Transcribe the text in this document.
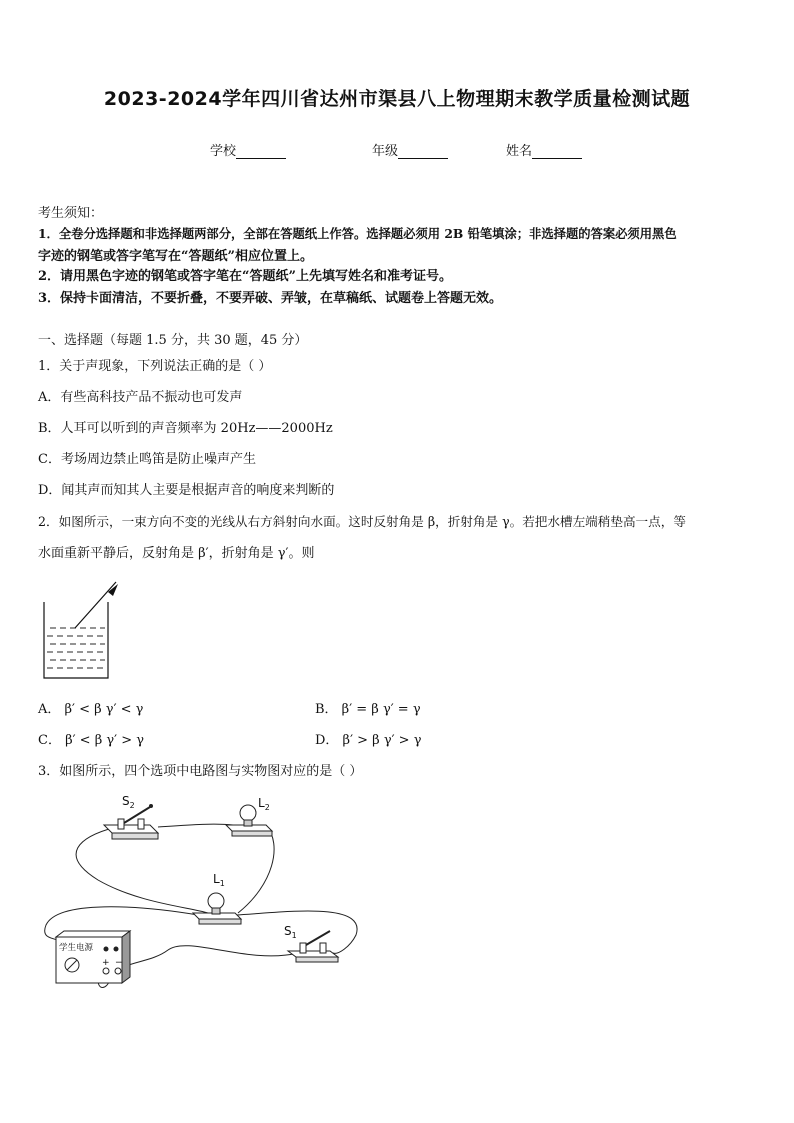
2023-2024学年四川省达州市渠县八上物理期末教学质量检测试题
学校	年级	姓名
考生须知：
1．全卷分选择题和非选择题两部分，全部在答题纸上作答。选择题必须用 2B 铅笔填涂；非选择题的答案必须用黑色
字迹的钢笔或答字笔写在“答题纸”相应位置上。
2．请用黑色字迹的钢笔或答字笔在“答题纸”上先填写姓名和准考证号。
3．保持卡面清洁，不要折叠，不要弄破、弄皱，在草稿纸、试题卷上答题无效。
一、选择题（每题 1.5 分，共 30 题，45 分）
1．关于声现象，下列说法正确的是（ ）
A．有些高科技产品不振动也可发声
B．人耳可以听到的声音频率为 20Hz——2000Hz
C．考场周边禁止鸣笛是防止噪声产生
D．闻其声而知其人主要是根据声音的响度来判断的
2．如图所示，一束方向不变的光线从右方斜射向水面。这时反射角是 β，折射角是 γ。若把水槽左端稍垫高一点，等
水面重新平静后，反射角是 β′，折射角是 γ′。则
A． β′ < β γ′ < γ	B． β′ = β γ′ = γ
C． β′ < β γ′ > γ	D． β′ > β γ′ > γ
3．如图所示，四个选项中电路图与实物图对应的是（ ）
$S_2$	$L_2$
$L_1$
$S_1$
学生电源
+ −
